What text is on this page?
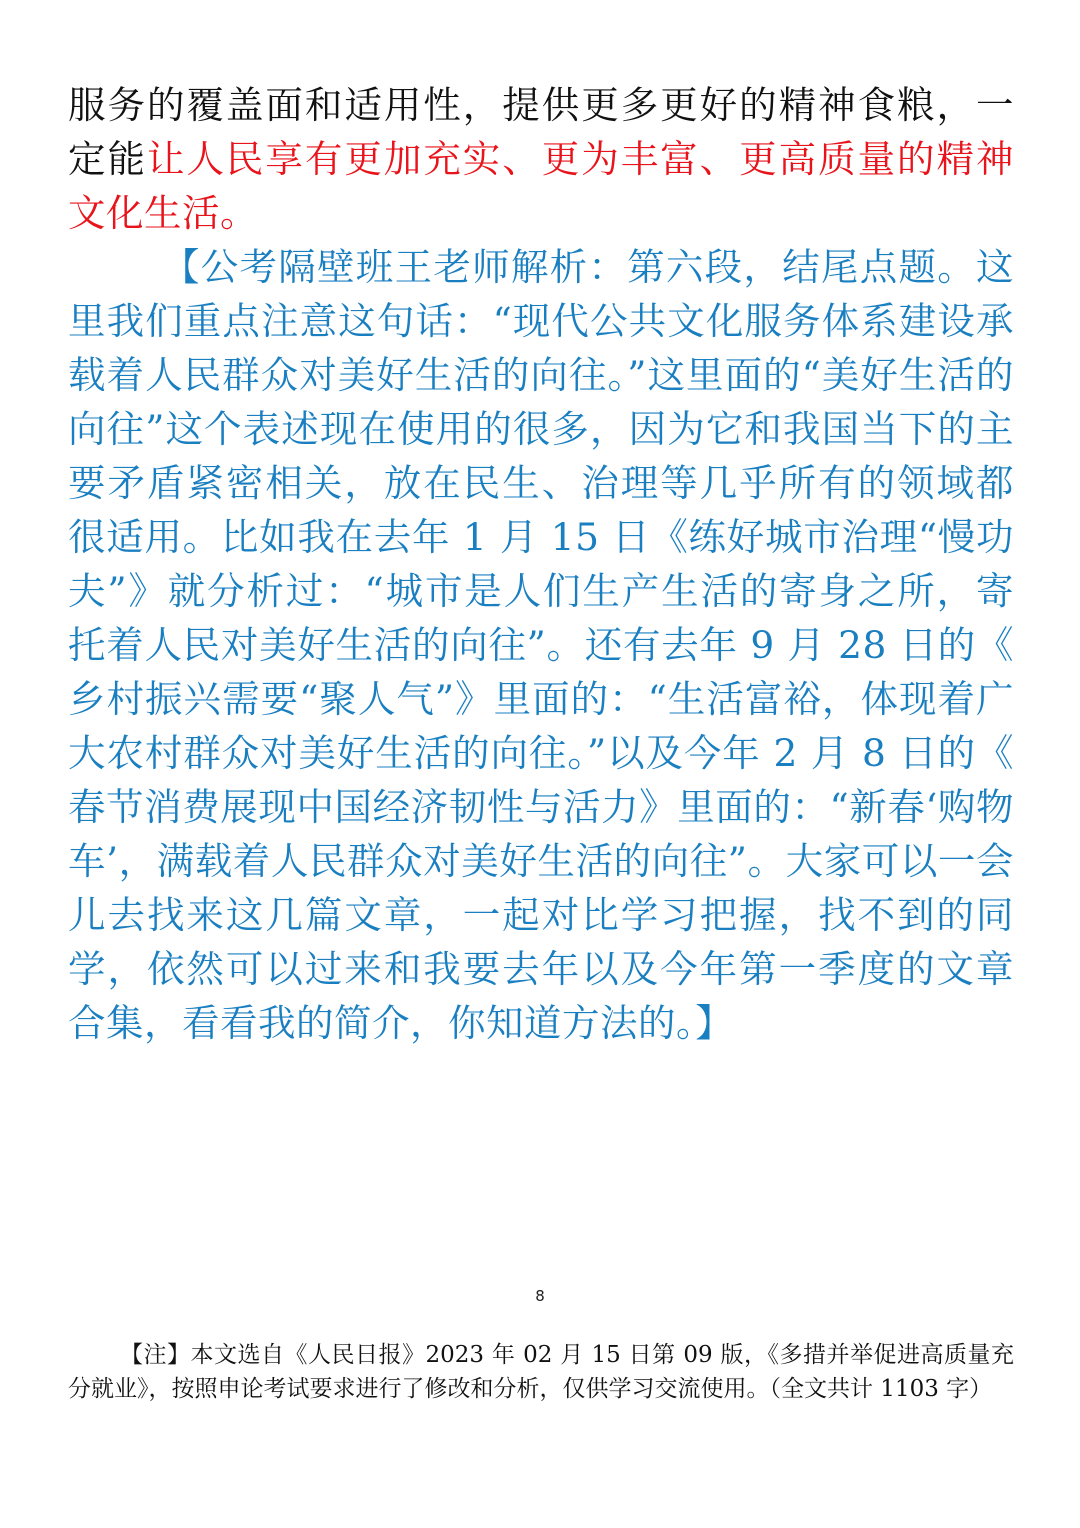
服务的覆盖面和适用性，提供更多更好的精神食粮，一定能让人民享有更加充实、更为丰富、更高质量的精神文化生活。

【公考隔壁班王老师解析：第六段，结尾点题。这里我们重点注意这句话：“现代公共文化服务体系建设承载着人民群众对美好生活的向往。”这里面的“美好生活的向往”这个表述现在使用的很多，因为它和我国当下的主要矛盾紧密相关，放在民生、治理等几乎所有的领域都很适用。比如我在去年 1 月 15 日《练好城市治理“慢功夫”》就分析过：“城市是人们生产生活的寄身之所，寄托着人民对美好生活的向往”。还有去年 9 月 28 日的《乡村振兴需要“聚人气”》里面的：“生活富裕，体现着广大农村群众对美好生活的向往。”以及今年 2 月 8 日的《春节消费展现中国经济韧性与活力》里面的：“新春‘购物车’，满载着人民群众对美好生活的向往”。大家可以一会儿去找来这几篇文章，一起对比学习把握，找不到的同学，依然可以过来和我要去年以及今年第一季度的文章合集，看看我的简介，你知道方法的。】

8
【注】本文选自《人民日报》2023 年 02 月 15 日第 09 版，《多措并举促进高质量充分就业》，按照申论考试要求进行了修改和分析，仅供学习交流使用。（全文共计 1103 字）
